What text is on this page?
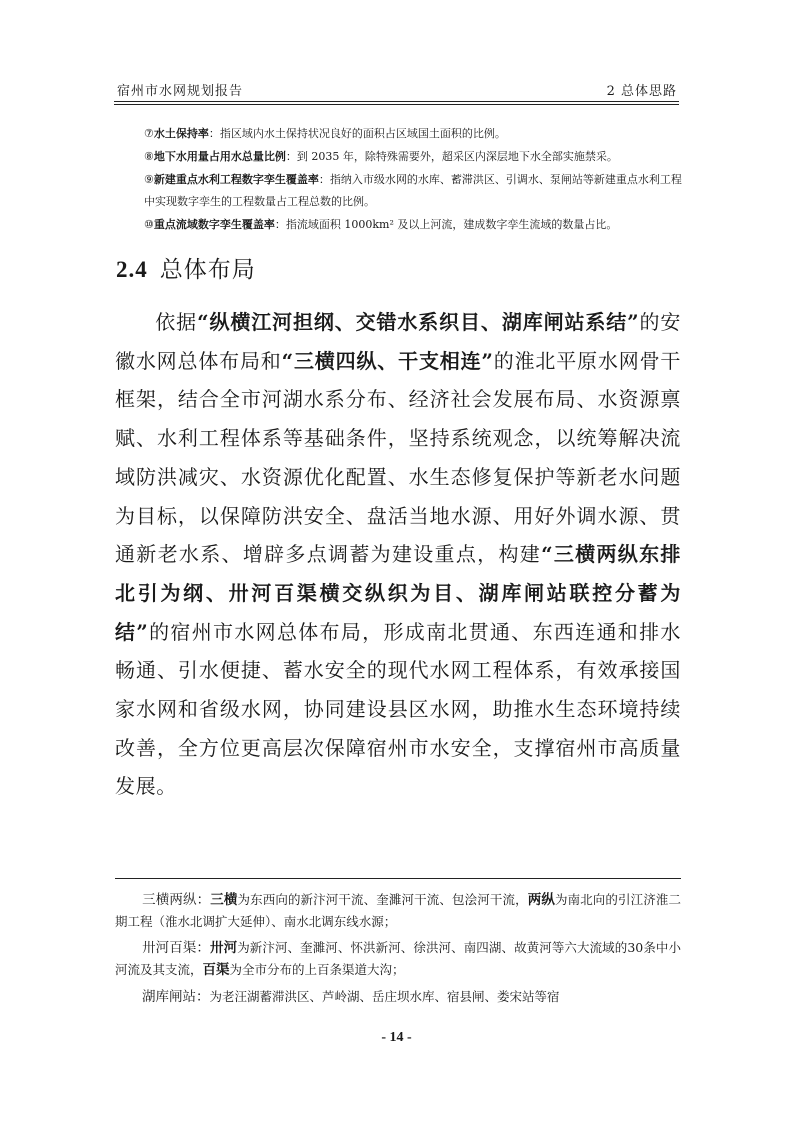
宿州市水网规划报告	2 总体思路

⑦水土保持率：指区域内水土保持状况良好的面积占区域国土面积的比例。

⑧地下水用量占用水总量比例：到 2035 年，除特殊需要外，超采区内深层地下水全部实施禁采。

⑨新建重点水利工程数字孪生覆盖率：指纳入市级水网的水库、蓄滞洪区、引调水、泵闸站等新建重点水利工程中实现数字孪生的工程数量占工程总数的比例。

⑩重点流域数字孪生覆盖率：指流域面积 1000km² 及以上河流，建成数字孪生流域的数量占比。

2.4 总体布局

依据“纵横江河担纲、交错水系织目、湖库闸站系结”的安徽水网总体布局和“三横四纵、干支相连”的淮北平原水网骨干框架，结合全市河湖水系分布、经济社会发展布局、水资源禀赋、水利工程体系等基础条件，坚持系统观念，以统筹解决流域防洪减灾、水资源优化配置、水生态修复保护等新老水问题为目标，以保障防洪安全、盘活当地水源、用好外调水源、贯通新老水系、增辟多点调蓄为建设重点，构建“三横两纵东排北引为纲、卅河百渠横交纵织为目、湖库闸站联控分蓄为结”的宿州市水网总体布局，形成南北贯通、东西连通和排水畅通、引水便捷、蓄水安全的现代水网工程体系，有效承接国家水网和省级水网，协同建设县区水网，助推水生态环境持续改善，全方位更高层次保障宿州市水安全，支撑宿州市高质量发展。

三横两纵：三横为东西向的新汴河干流、奎濉河干流、包浍河干流，两纵为南北向的引江济淮二期工程（淮水北调扩大延伸）、南水北调东线水源；

卅河百渠：卅河为新汴河、奎濉河、怀洪新河、徐洪河、南四湖、故黄河等六大流域的30条中小河流及其支流，百渠为全市分布的上百条渠道大沟；

湖库闸站：为老汪湖蓄滞洪区、芦岭湖、岳庄坝水库、宿县闸、娄宋站等宿

- 14 -
